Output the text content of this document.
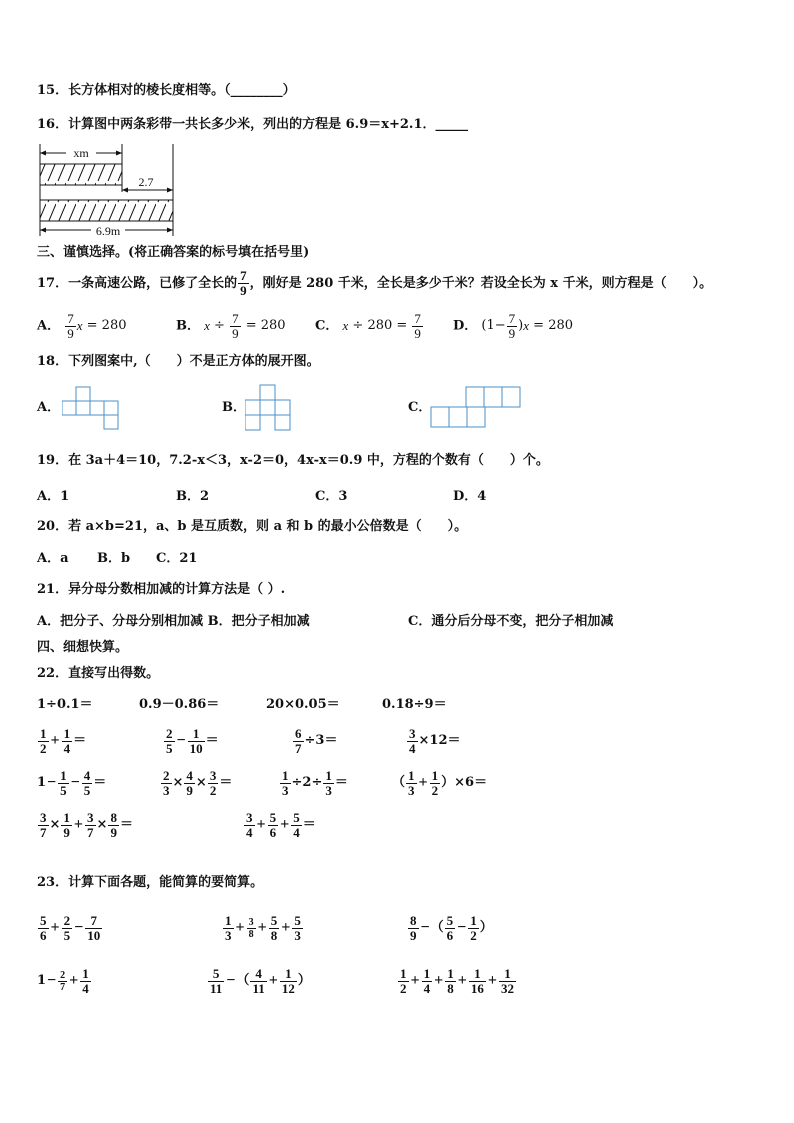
15．长方体相对的棱长度相等。（________）
16．计算图中两条彩带一共长多少米，列出的方程是 6.9＝x+2.1．_____
xm
2.7
6.9m
三、谨慎选择。(将正确答案的标号填在括号里)
17．一条高速公路，已修了全长的 $\frac{7}{9}$ ，刚好是 280 千米，全长是多少千米？若设全长为 x 千米，则方程是（　　）。
A． $\frac{7}{9}$ x = 280	B． $x \div \frac{7}{9} = 280$ C． $x \div 280 = \frac{7}{9}$ D． $(1- \frac{7}{9} )x = 280$
18．下列图案中,（　　）不是正方体的展开图。
A．	B．	C．
19．在 3a＋4＝10，7.2-x＜3，x-2＝0，4x-x＝0.9 中，方程的个数有（　　）个。
A．1	B．2	C．3	D．4
20．若 a×b=21，a、b 是互质数，则 a 和 b 的最小公倍数是（　　）。
A．a B．b C．21
21．异分母分数相加减的计算方法是（ ）.
A．把分子、分母分别相加减 B．把分子相加减	C．通分后分母不变，把分子相加减
四、细想快算。
22．直接写出得数。
1÷0.1＝	0.9－0.86＝	20×0.05＝	0.18÷9＝
$\frac{1}{2} + \frac{1}{4}$ ＝	$\frac{2}{5} - \frac{1}{10}$ ＝	$\frac{6}{7} \div 3=$	$\frac{3}{4} \times 12=$
$1- \frac{1}{5} - \frac{4}{5}$ ＝	$\frac{2}{3} \times \frac{4}{9} \times \frac{3}{2}$ ＝	$\frac{1}{3} \div 2\div \frac{1}{3}$ ＝	（ $\frac{1}{3} + \frac{1}{2} )\times 6=$
$\frac{3}{7} \times \frac{1}{9} + \frac{3}{7} \times \frac{8}{9}$ ＝	$\frac{3}{4} + \frac{5}{6} + \frac{5}{4}$ ＝
23．计算下面各题，能简算的要简算。
$\frac{5}{6} + \frac{2}{5} - \frac{7}{10}$	$\frac{1}{3} + \frac{3}{8} + \frac{5}{8} + \frac{5}{3}$	$\frac{8}{9}$ −（ $\frac{5}{6} - \frac{1}{2}$ ）
$1- \frac{2}{7} + \frac{1}{4}$	$\frac{5}{11}$ −（ $\frac{4}{11} + \frac{1}{12}$ ）	$\frac{1}{2} + \frac{1}{4} + \frac{1}{8} + \frac{1}{16} + \frac{1}{32}$
